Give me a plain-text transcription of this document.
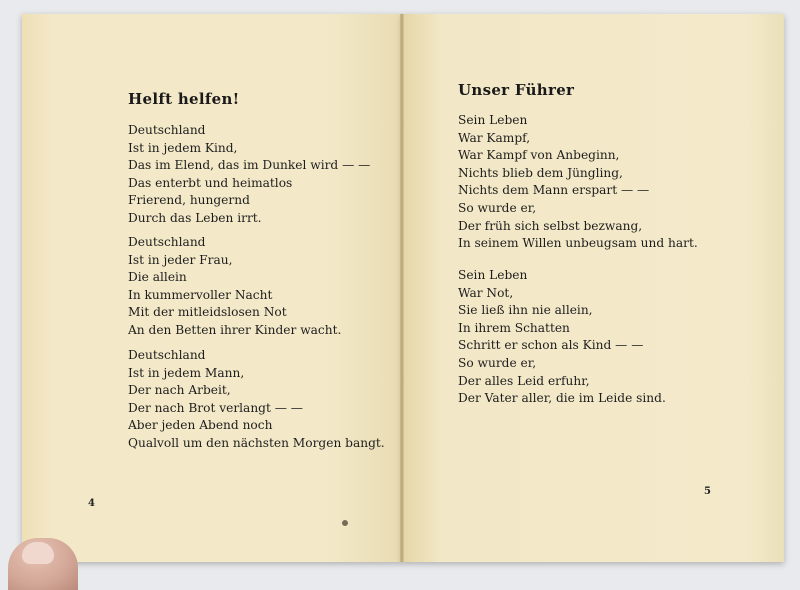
Helft helfen!
Deutschland
Ist in jedem Kind,
Das im Elend, das im Dunkel wird — —
Das enterbt und heimatlos
Frierend, hungernd
Durch das Leben irrt.
Deutschland
Ist in jeder Frau,
Die allein
In kummervoller Nacht
Mit der mitleidslosen Not
An den Betten ihrer Kinder wacht.
Deutschland
Ist in jedem Mann,
Der nach Arbeit,
Der nach Brot verlangt — —
Aber jeden Abend noch
Qualvoll um den nächsten Morgen bangt.
4
Unser Führer
Sein Leben
War Kampf,
War Kampf von Anbeginn,
Nichts blieb dem Jüngling,
Nichts dem Mann erspart — —
So wurde er,
Der früh sich selbst bezwang,
In seinem Willen unbeugsam und hart.
Sein Leben
War Not,
Sie ließ ihn nie allein,
In ihrem Schatten
Schritt er schon als Kind — —
So wurde er,
Der alles Leid erfuhr,
Der Vater aller, die im Leide sind.
5
